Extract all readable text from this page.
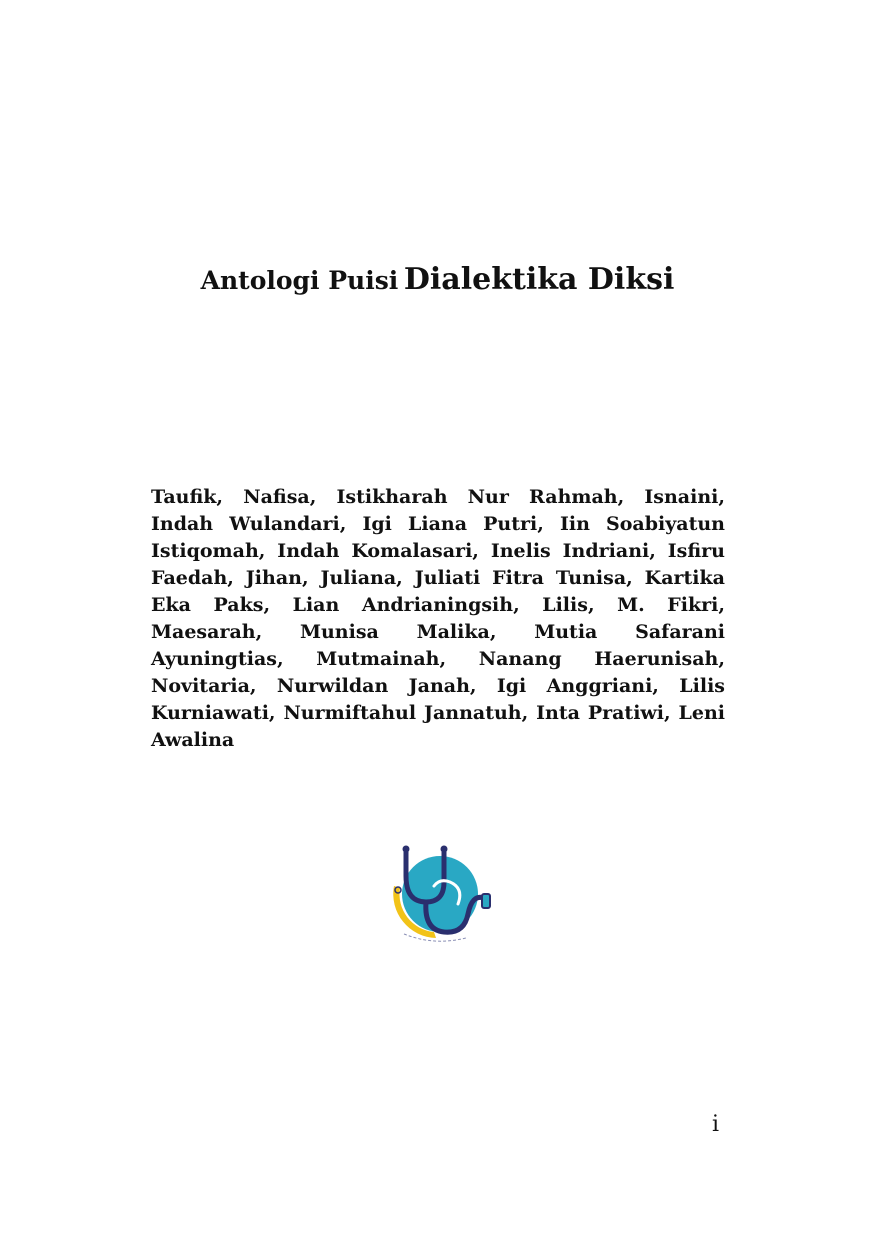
Antologi Puisi Dialektika Diksi
Taufik, Nafisa, Istikharah Nur Rahmah, Isnaini, Indah Wulandari, Igi Liana Putri, Iin Soabiyatun Istiqomah, Indah Komalasari, Inelis Indriani, Isfiru Faedah, Jihan, Juliana, Juliati Fitra Tunisa, Kartika Eka Paks, Lian Andrianingsih, Lilis, M. Fikri, Maesarah, Munisa Malika, Mutia Safarani Ayuningtias, Mutmainah, Nanang Haerunisah, Novitaria, Nurwildan Janah, Igi Anggriani, Lilis Kurniawati, Nurmiftahul Jannatuh, Inta Pratiwi, Leni Awalina
i
